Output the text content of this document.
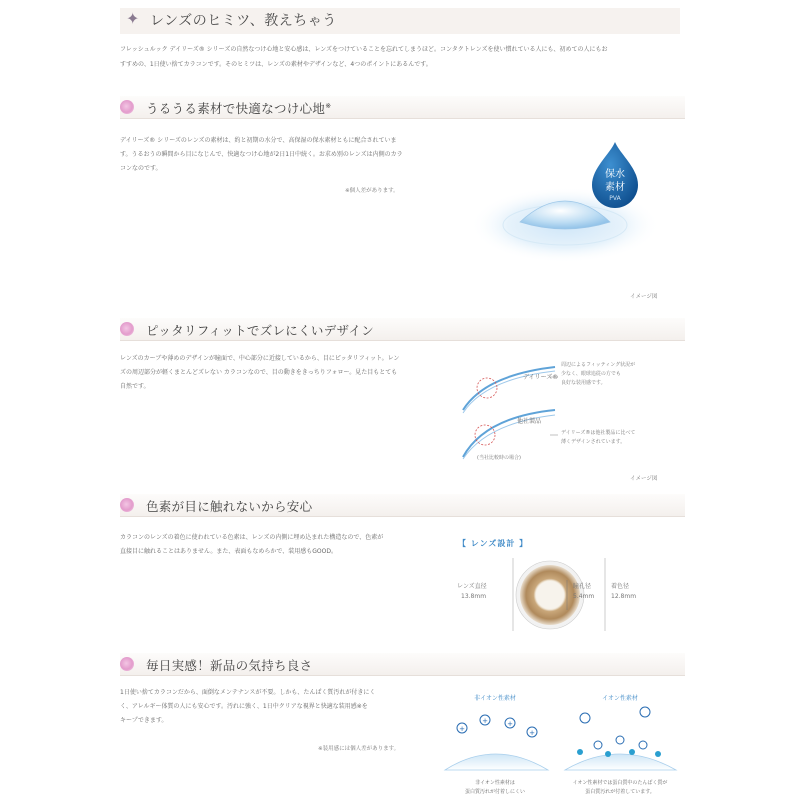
✦ レンズのヒミツ、教えちゃう
フレッシュルック デイリーズ® シリーズの自然なつけ心地と安心感は、レンズをつけていることを忘れてしまうほど。コンタクトレンズを使い慣れている人にも、初めての人にもお
すすめの、1日使い捨てカラコンです。そのヒミツは、レンズの素材やデザインなど、4つのポイントにあるんです。
うるうる素材で快適なつけ心地※
デイリーズ® シリーズのレンズの素材は、約と初期の水分で、高保湿の保水素材ともに配合されていま
す。うるおうの瞬間から目になじんで、快適なつけ心地が2日1日中続く。お求め別のレンズは内側のカラ
コンなのです。
※個人差があります。
保水
素材
PVA
イメージ図
ピッタリフィットでズレにくいデザイン
レンズのカーブや薄めのデザインが瞳面で、中心部分に近接しているから、目にピッタリフィット。レン
ズの周辺部分が軽くまとんどズレない カラコンなので、目の動きをきっちりフォロー。見た目もとても
自然です。
デイリーズ®
周辺によるフィッティング状況が
少なく、眼球追従の方でも
良好な装用感です。
他社製品
デイリーズ®は他社製品に比べて
薄くデザインされています。
(当社比較時の場合)
イメージ図
色素が目に触れないから安心
カラコンのレンズの着色に使われている色素は、レンズの内側に埋め込まれた構造なので、色素が
直接目に触れることはありません。また、表面もなめらかで、装用感もGOOD。
【 レンズ設計 】
レンズ直径
13.8mm
瞳孔径
5.4mm
着色径
12.8mm
毎日実感！新品の気持ち良さ
1日使い捨てカラコンだから、面倒なメンテナンスが不要。しかも、たんぱく質汚れが付きにく
く、アレルギー体質の人にも安心です。汚れに強く、1日中クリアな視界と快適な装用感※を
キープできます。
※装用感には個人差があります。
非イオン性素材
+
+	+
+
非イオン性素材は
蛋白質汚れが付着しにくい
イオン性素材
イオン性素材では蛋白質中のたんぱく質が
蛋白質汚れが付着しています。
